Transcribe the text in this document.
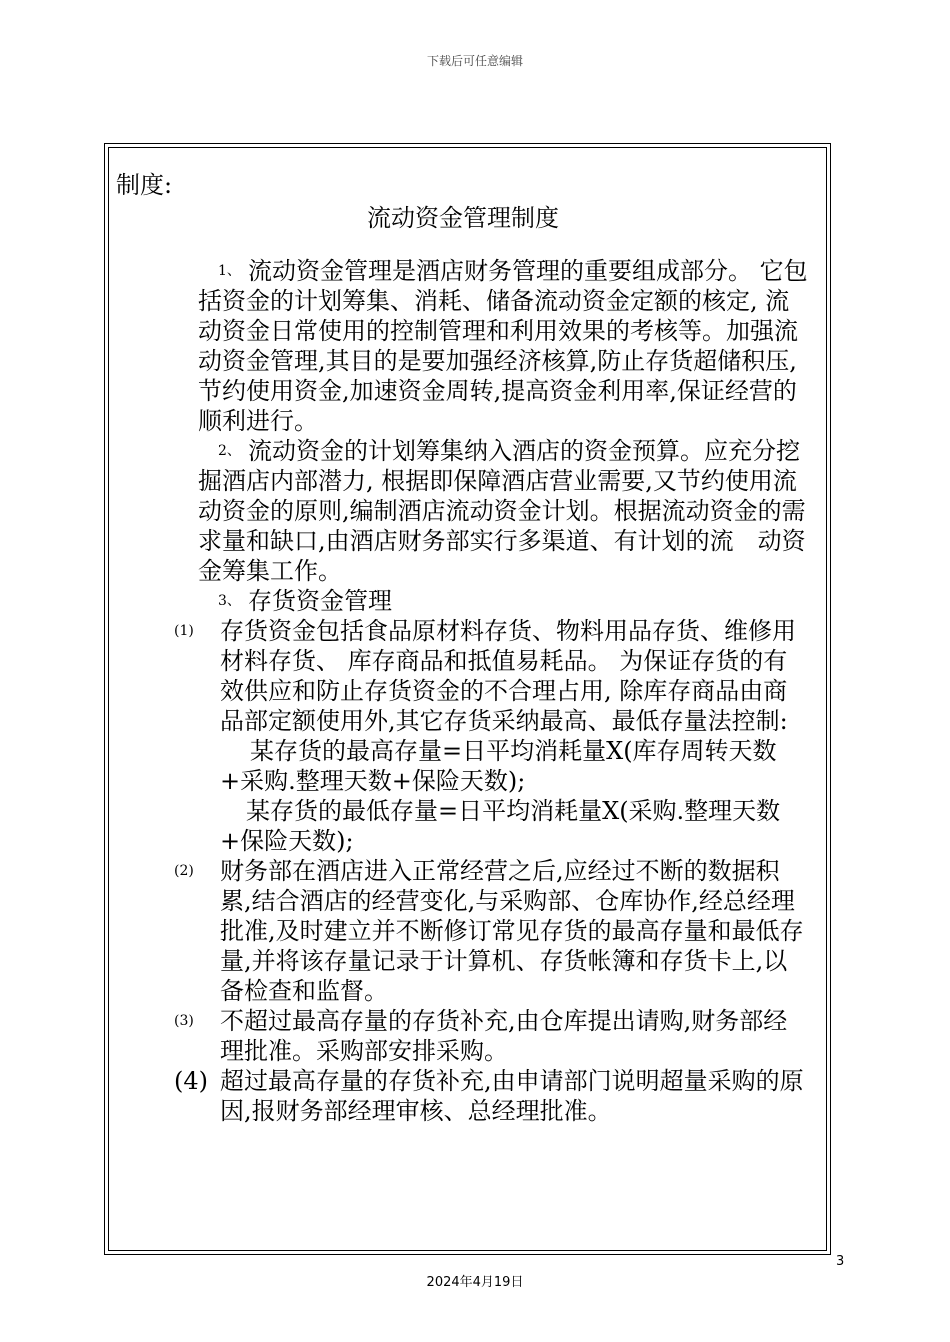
下载后可任意编辑
制度:
流动资金管理制度
1、 流动资金管理是酒店财务管理的重要组成部分。 它包括资金的计划筹集、消耗、储备流动资金定额的核定, 流动资金日常使用的控制管理和利用效果的考核等。加强流动资金管理,其目的是要加强经济核算,防止存货超储积压, 节约使用资金,加速资金周转,提高资金利用率,保证经营的顺利进行。
2、 流动资金的计划筹集纳入酒店的资金预算。应充分挖掘酒店内部潜力, 根据即保障酒店营业需要,又节约使用流动资金的原则,编制酒店流动资金计划。根据流动资金的需求量和缺口,由酒店财务部实行多渠道、有计划的流　动资金筹集工作。
3、 存货资金管理
(1) 存货资金包括食品原材料存货、物料用品存货、维修用材料存货、 库存商品和抵值易耗品。 为保证存货的有效供应和防止存货资金的不合理占用, 除库存商品由商品部定额使用外,其它存货采纳最高、最低存量法控制:
某存货的最高存量=日平均消耗量X(库存周转天数+采购.整理天数+保险天数);
某存货的最低存量=日平均消耗量X(采购.整理天数+保险天数);
(2) 财务部在酒店进入正常经营之后,应经过不断的数据积累,结合酒店的经营变化,与采购部、仓库协作,经总经理批准,及时建立并不断修订常见存货的最高存量和最低存量,并将该存量记录于计算机、存货帐簿和存货卡上,以备检查和监督。
(3) 不超过最高存量的存货补充,由仓库提出请购,财务部经理批准。采购部安排采购。
(4) 超过最高存量的存货补充,由申请部门说明超量采购的原因,报财务部经理审核、总经理批准。
3
2024年4月19日
